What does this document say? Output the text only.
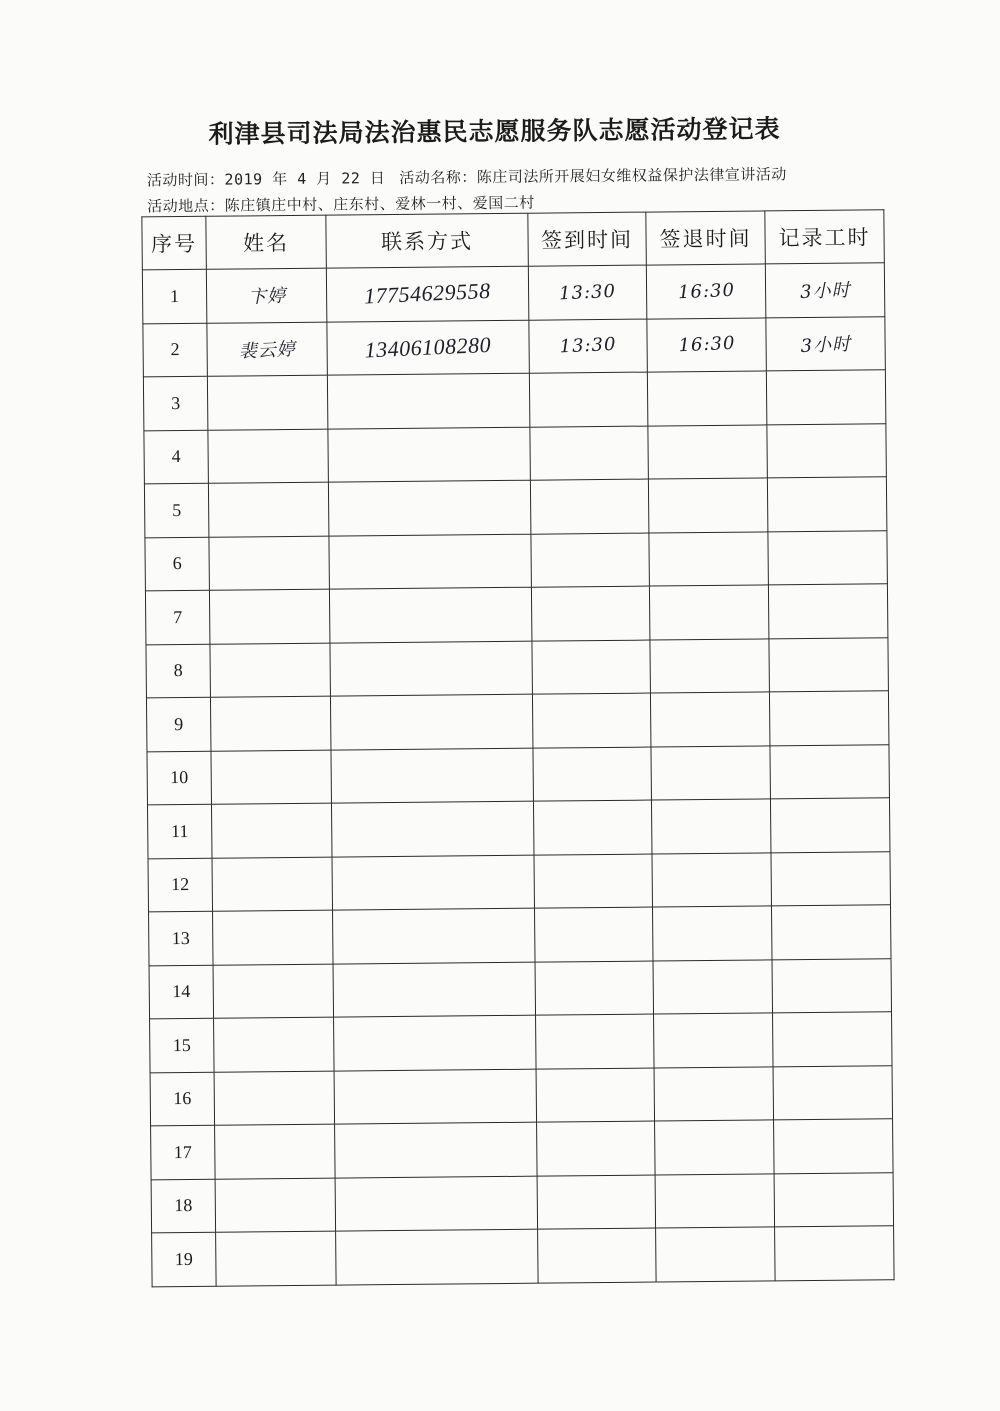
利津县司法局法治惠民志愿服务队志愿活动登记表
活动时间：2019 年 4 月 22 日 活动名称：陈庄司法所开展妇女维权益保护法律宣讲活动
活动地点：陈庄镇庄中村、庄东村、爱林一村、爱国二村
序号	姓名	联系方式	签到时间	签退时间	记录工时
1	卞婷	17754629558	13:30	16:30	3小时
2	裴云婷	13406108280	13:30	16:30	3小时
3					
4					
5					
6					
7					
8					
9					
10					
11					
12					
13					
14					
15					
16					
17					
18					
19					
